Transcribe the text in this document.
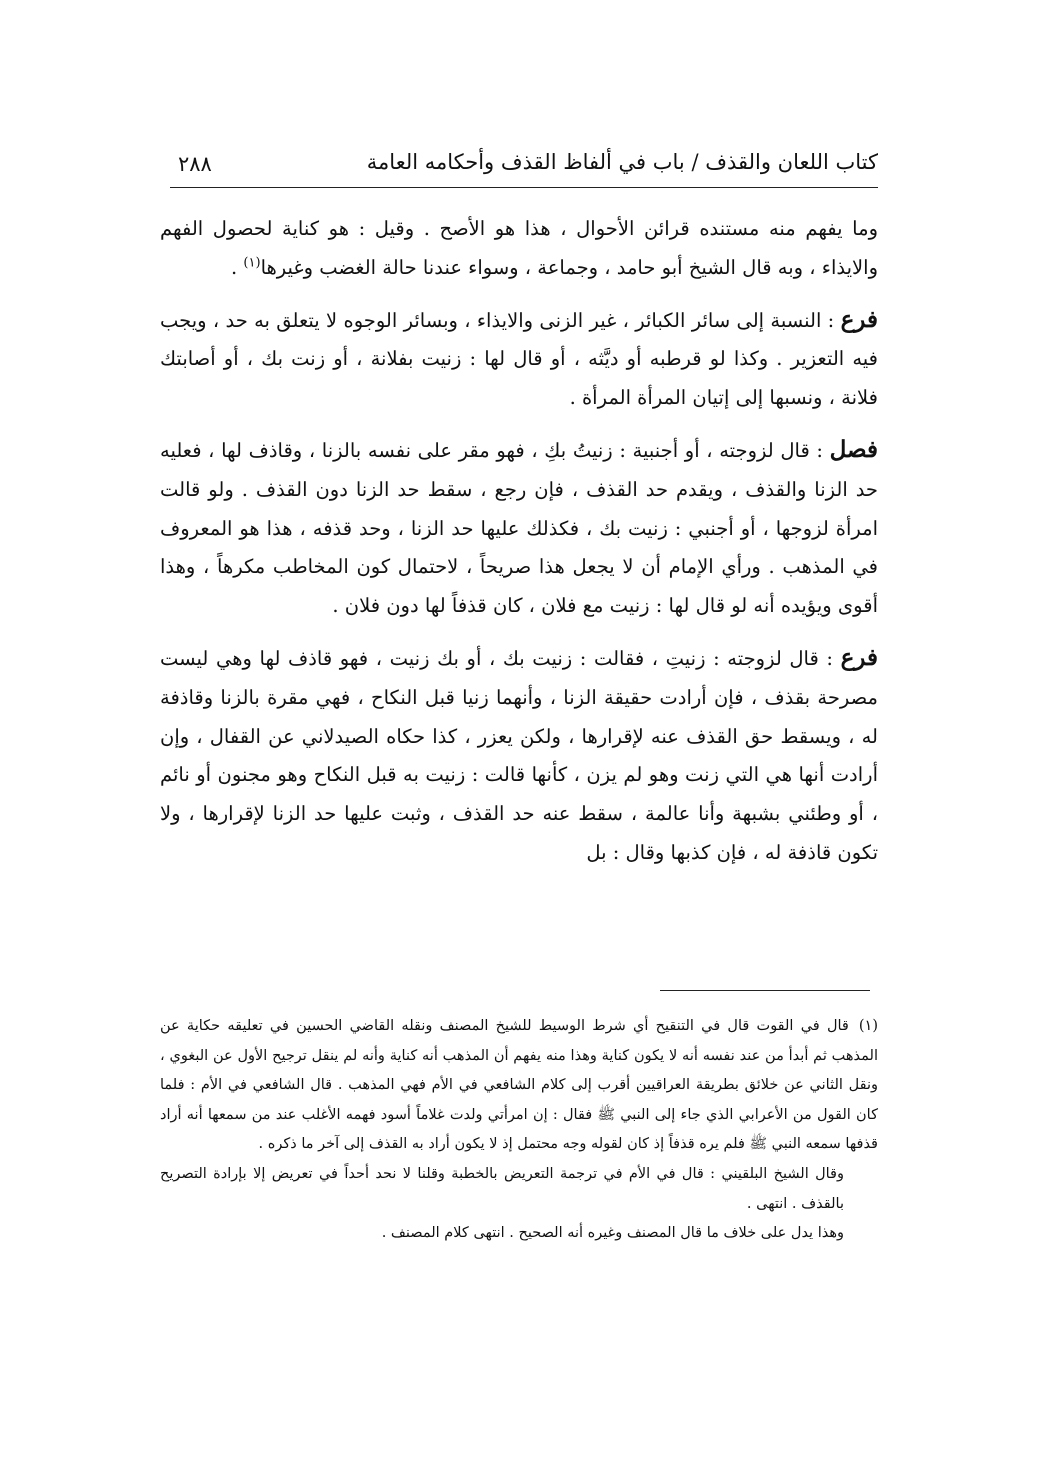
كتاب اللعان والقذف / باب في ألفاظ القذف وأحكامه العامة
٢٨٨

وما يفهم منه مستنده قرائن الأحوال ، هذا هو الأصح . وقيل : هو كناية لحصول الفهم والايذاء ، وبه قال الشيخ أبو حامد ، وجماعة ، وسواء عندنا حالة الغضب وغيرها$^{(١)}$ .

فرع : النسبة إلى سائر الكبائر ، غير الزنى والايذاء ، وبسائر الوجوه لا يتعلق به حد ، ويجب فيه التعزير . وكذا لو قرطبه أو ديَّثه ، أو قال لها : زنيت بفلانة ، أو زنت بك ، أو أصابتك فلانة ، ونسبها إلى إتيان المرأة المرأة .

فصل : قال لزوجته ، أو أجنبية : زنيتُ بكِ ، فهو مقر على نفسه بالزنا ، وقاذف لها ، فعليه حد الزنا والقذف ، ويقدم حد القذف ، فإن رجع ، سقط حد الزنا دون القذف . ولو قالت امرأة لزوجها ، أو أجنبي : زنيت بك ، فكذلك عليها حد الزنا ، وحد قذفه ، هذا هو المعروف في المذهب . ورأي الإمام أن لا يجعل هذا صريحاً ، لاحتمال كون المخاطب مكرهاً ، وهذا أقوى ويؤيده أنه لو قال لها : زنيت مع فلان ، كان قذفاً لها دون فلان .

فرع : قال لزوجته : زنيتِ ، فقالت : زنيت بك ، أو بك زنيت ، فهو قاذف لها وهي ليست مصرحة بقذف ، فإن أرادت حقيقة الزنا ، وأنهما زنيا قبل النكاح ، فهي مقرة بالزنا وقاذفة له ، ويسقط حق القذف عنه لإقرارها ، ولكن يعزر ، كذا حكاه الصيدلاني عن القفال ، وإن أرادت أنها هي التي زنت وهو لم يزن ، كأنها قالت : زنيت به قبل النكاح وهو مجنون أو نائم ، أو وطئني بشبهة وأنا عالمة ، سقط عنه حد القذف ، وثبت عليها حد الزنا لإقرارها ، ولا تكون قاذفة له ، فإن كذبها وقال : بل

(١)قال في القوت قال في التنقيح أي شرط الوسيط للشيخ المصنف ونقله القاضي الحسين في تعليقه حكاية عن المذهب ثم أبدأ من عند نفسه أنه لا يكون كناية وهذا منه يفهم أن المذهب أنه كناية وأنه لم ينقل ترجيح الأول عن البغوي ، ونقل الثاني عن خلائق بطريقة العراقيين أقرب إلى كلام الشافعي في الأم فهي المذهب . قال الشافعي في الأم : فلما كان القول من الأعرابي الذي جاء إلى النبي ﷺ فقال : إن امرأتي ولدت غلاماً أسود فهمه الأغلب عند من سمعها أنه أراد قذفها سمعه النبي ﷺ فلم يره قذفاً إذ كان لقوله وجه محتمل إذ لا يكون أراد به القذف إلى آخر ما ذكره .

وقال الشيخ البلقيني : قال في الأم في ترجمة التعريض بالخطبة وقلنا لا نحد أحداً في تعريض إلا بإرادة التصريح بالقذف . انتهى .

وهذا يدل على خلاف ما قال المصنف وغيره أنه الصحيح . انتهى كلام المصنف .
